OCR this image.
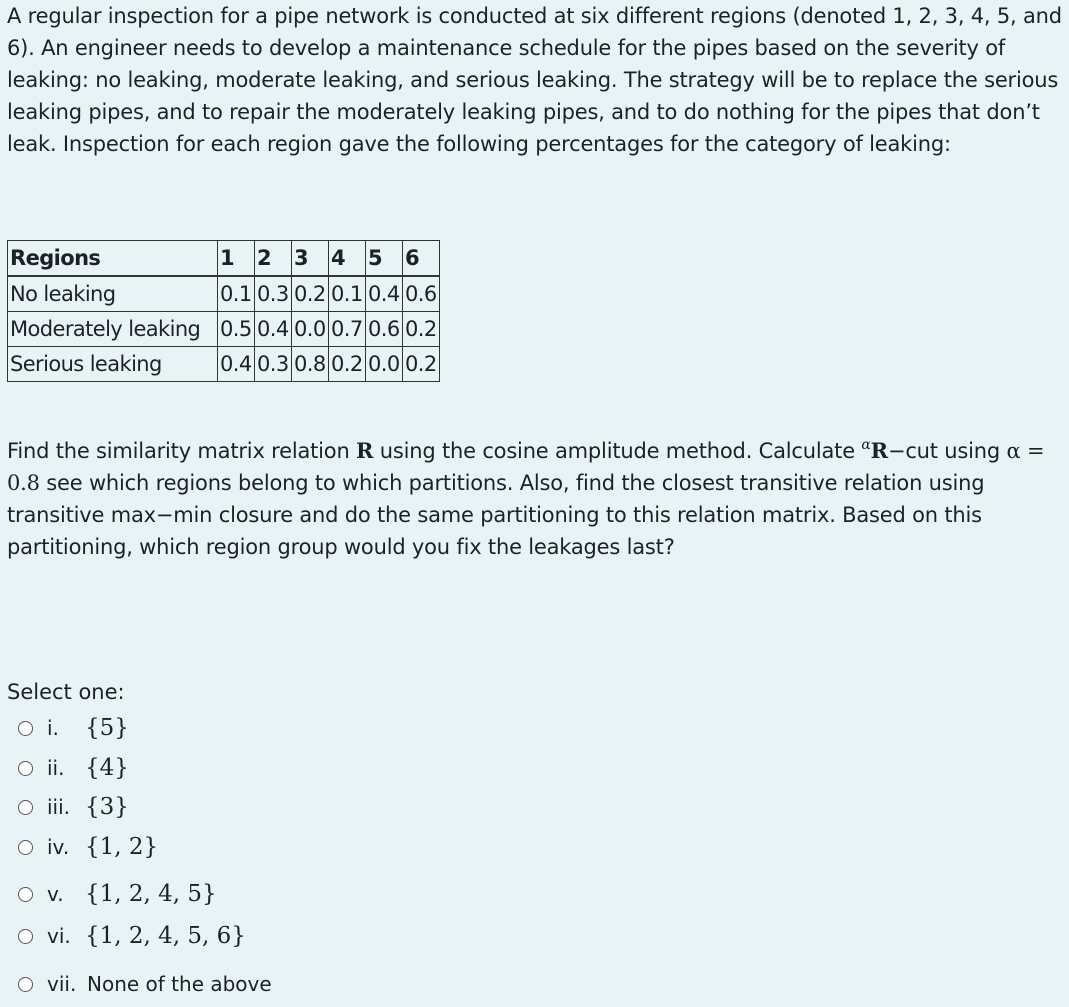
A regular inspection for a pipe network is conducted at six different regions (denoted 1, 2, 3, 4, 5, and 6). An engineer needs to develop a maintenance schedule for the pipes based on the severity of leaking: no leaking, moderate leaking, and serious leaking. The strategy will be to replace the serious leaking pipes, and to repair the moderately leaking pipes, and to do nothing for the pipes that don’t leak. Inspection for each region gave the following percentages for the category of leaking:

Regions	1	2	3	4	5	6
No leaking	0.1	0.3	0.2	0.1	0.4	0.6
Moderately leaking	0.5	0.4	0.0	0.7	0.6	0.2
Serious leaking	0.4	0.3	0.8	0.2	0.0	0.2

Find the similarity matrix relation R using the cosine amplitude method. Calculate $^\alpha$R−cut using α = 0.8 see which regions belong to which partitions. Also, find the closest transitive relation using transitive max−min closure and do the same partitioning to this relation matrix. Based on this partitioning, which region group would you fix the leakages last?

Select one:
i.	{5}
ii. {4}
iii. {3}
iv. {1, 2}
v. {1, 2, 4, 5}
vi. {1, 2, 4, 5, 6}
vii. None of the above
